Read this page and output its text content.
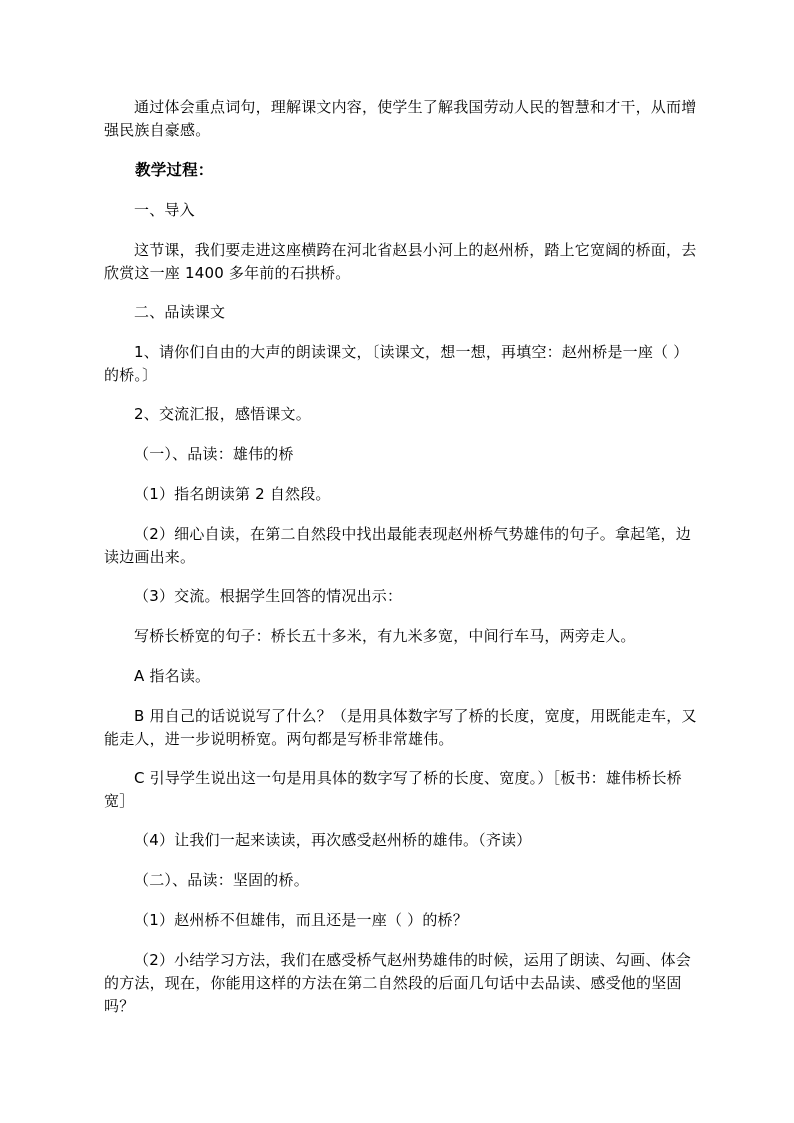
通过体会重点词句，理解课文内容，使学生了解我国劳动人民的智慧和才干，从而增强民族自豪感。

教学过程：

一、导入

这节课，我们要走进这座横跨在河北省赵县小河上的赵州桥，踏上它宽阔的桥面，去欣赏这一座 1400 多年前的石拱桥。

二、品读课文

1、请你们自由的大声的朗读课文，〔读课文，想一想，再填空：赵州桥是一座（ ）的桥。〕

2、交流汇报，感悟课文。

（一）、品读：雄伟的桥

（1）指名朗读第 2 自然段。

（2）细心自读，在第二自然段中找出最能表现赵州桥气势雄伟的句子。拿起笔，边读边画出来。

（3）交流。根据学生回答的情况出示：

写桥长桥宽的句子：桥长五十多米，有九米多宽，中间行车马，两旁走人。

A 指名读。

B 用自己的话说说写了什么？（是用具体数字写了桥的长度，宽度，用既能走车，又能走人，进一步说明桥宽。两句都是写桥非常雄伟。

C 引导学生说出这一句是用具体的数字写了桥的长度、宽度。）［板书：雄伟桥长桥宽］

（4）让我们一起来读读，再次感受赵州桥的雄伟。（齐读）

（二）、品读：坚固的桥。

（1）赵州桥不但雄伟，而且还是一座（ ）的桥？

（2）小结学习方法，我们在感受桥气赵州势雄伟的时候，运用了朗读、勾画、体会的方法，现在，你能用这样的方法在第二自然段的后面几句话中去品读、感受他的坚固吗？
